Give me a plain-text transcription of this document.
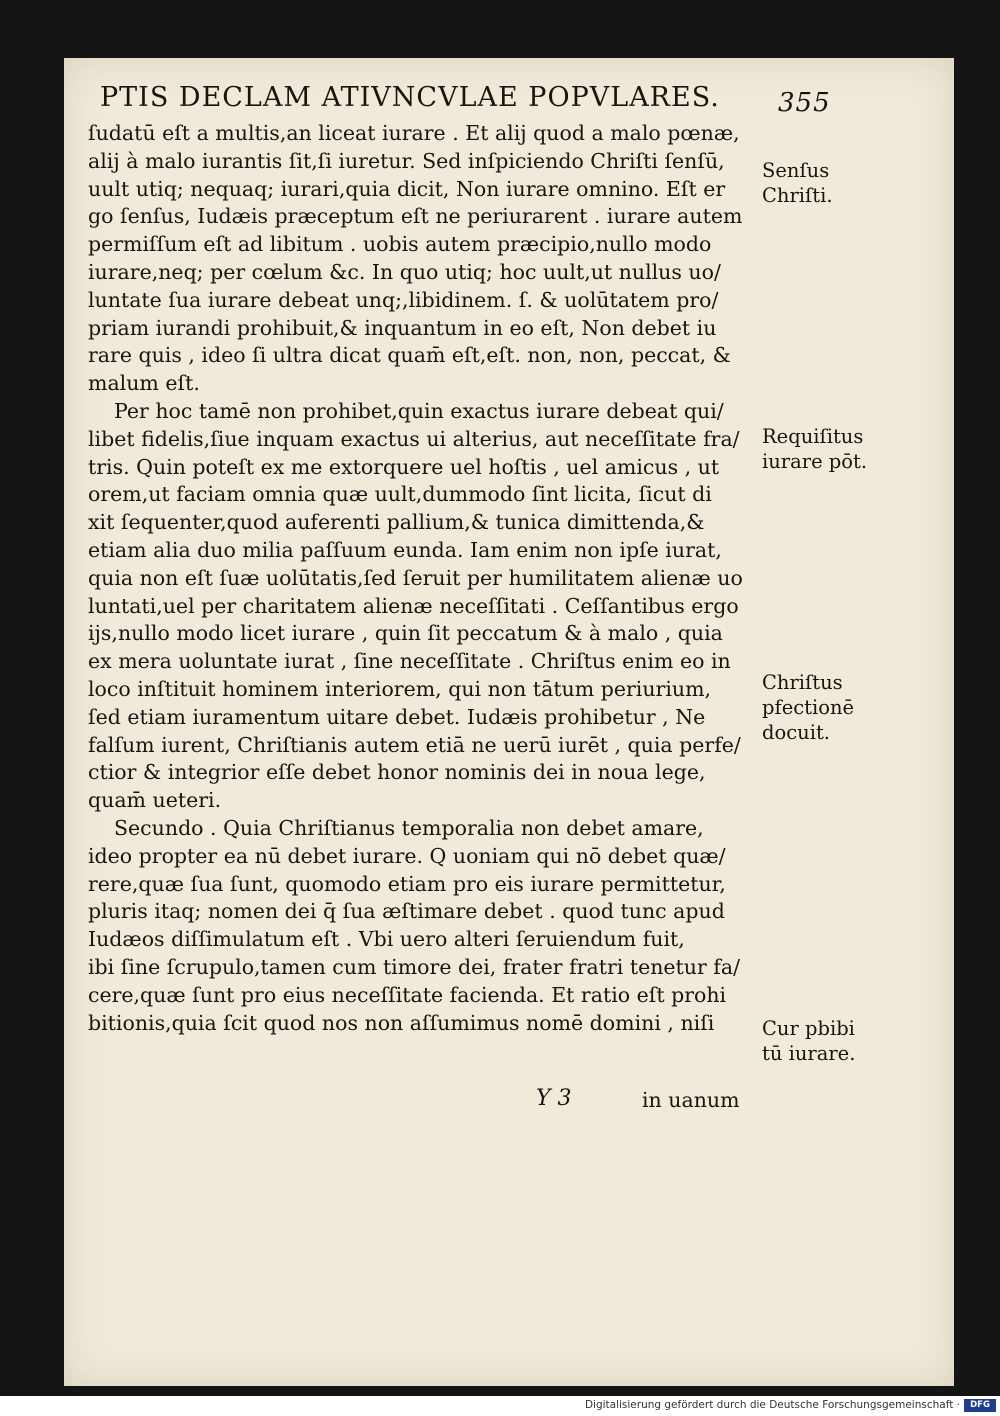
PTIS DECLAM ATIVNCVLAE POPVLARES. 355
ſudatū eſt a multis,an liceat iurare . Et alij quod a malo pœnæ,
alij à malo iurantis ſit,ſi iuretur. Sed inſpiciendo Chriſti ſenſū,
uult utiq; nequaq; iurari,quia dicit, Non iurare omnino. Eſt er
go ſenſus, Iudæis præceptum eſt ne periurarent . iurare autem
permiſſum eſt ad libitum . uobis autem præcipio,nullo modo
iurare,neq; per cœlum &c. In quo utiq; hoc uult,ut nullus uo/
luntate ſua iurare debeat unq;,libidinem. ſ. & uolūtatem pro/
priam iurandi prohibuit,& inquantum in eo eſt, Non debet iu
rare quis , ideo ſi ultra dicat quam̄ eſt,eſt. non, non, peccat, &
malum eſt.
Per hoc tamē non prohibet,quin exactus iurare debeat qui/
libet fidelis,ſiue inquam exactus ui alterius, aut neceſſitate fra/
tris. Quin poteſt ex me extorquere uel hoſtis , uel amicus , ut
orem,ut faciam omnia quæ uult,dummodo ſint licita, ſicut di
xit ſequenter,quod auferenti pallium,& tunica dimittenda,&
etiam alia duo milia paſſuum eunda. Iam enim non ipſe iurat,
quia non eſt ſuæ uolūtatis,ſed ſeruit per humilitatem alienæ uo
luntati,uel per charitatem alienæ neceſſitati . Ceſſantibus ergo
ijs,nullo modo licet iurare , quin ſit peccatum & à malo , quia
ex mera uoluntate iurat , ſine neceſſitate . Chriſtus enim eo in
loco inſtituit hominem interiorem, qui non tātum periurium,
ſed etiam iuramentum uitare debet. Iudæis prohibetur , Ne
falſum iurent, Chriſtianis autem etiā ne uerū iurēt , quia perfe/
ctior & integrior eſſe debet honor nominis dei in noua lege,
quam̄ ueteri.
Secundo . Quia Chriſtianus temporalia non debet amare,
ideo propter ea nū debet iurare. Q uoniam qui nō debet quæ/
rere,quæ ſua ſunt, quomodo etiam pro eis iurare permittetur,
pluris itaq; nomen dei q̄ ſua æſtimare debet . quod tunc apud
Iudæos diſſimulatum eſt . Vbi uero alteri ſeruiendum fuit,
ibi ſine ſcrupulo,tamen cum timore dei, frater fratri tenetur fa/
cere,quæ ſunt pro eius neceſſitate facienda. Et ratio eſt prohi
bitionis,quia ſcit quod nos non aſſumimus nomē domini , niſi
Senſus
Chriſti.
Requiſitus
iurare pōt.
Chriſtus
pfectionē
docuit.
Cur pbibi
tū iurare.
Y 3	in uanum
Digitalisierung gefördert durch die Deutsche Forschungsgemeinschaft ·	DFG
